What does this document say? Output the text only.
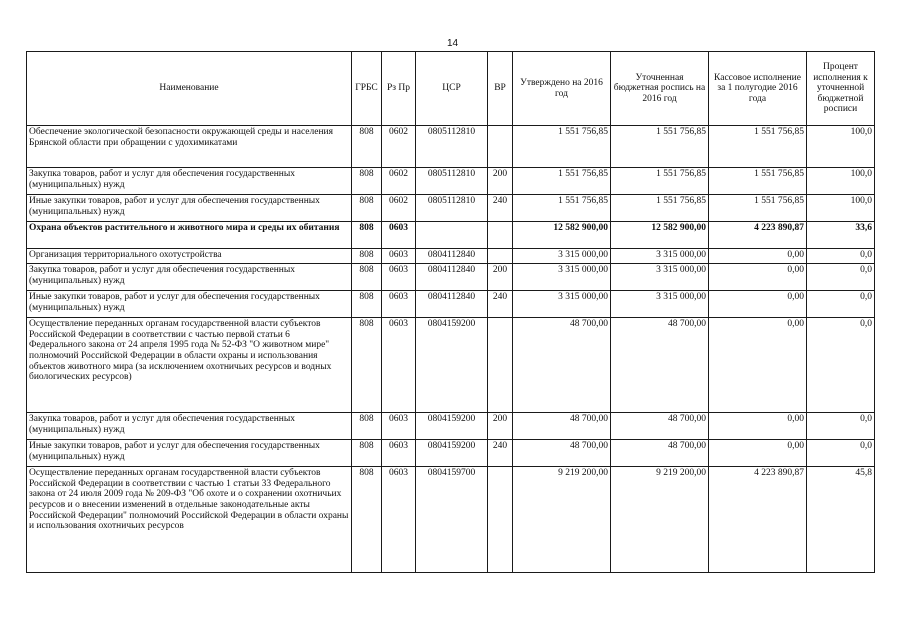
14
Наименование	ГРБС	Рз Пр	ЦСР	ВР	Утверждено на 2016 год	Уточненная бюджетная роспись на 2016 год	Кассовое исполнение за 1 полугодие 2016 года	Процент исполнения к уточненной бюджетной росписи
Обеспечение экологической безопасности окружающей среды и населения Брянской области при обращении с удохимикатами	808	0602	0805112810		1 551 756,85	1 551 756,85	1 551 756,85	100,0
Закупка товаров, работ и услуг для обеспечения государственных (муниципальных) нужд	808	0602	0805112810	200	1 551 756,85	1 551 756,85	1 551 756,85	100,0
Иные закупки товаров, работ и услуг для обеспечения государственных (муниципальных) нужд	808	0602	0805112810	240	1 551 756,85	1 551 756,85	1 551 756,85	100,0
Охрана объектов растительного и животного мира и среды их обитания	808	0603			12 582 900,00	12 582 900,00	4 223 890,87	33,6
Организация территориального охотустройства	808	0603	0804112840		3 315 000,00	3 315 000,00	0,00	0,0
Закупка товаров, работ и услуг для обеспечения государственных (муниципальных) нужд	808	0603	0804112840	200	3 315 000,00	3 315 000,00	0,00	0,0
Иные закупки товаров, работ и услуг для обеспечения государственных (муниципальных) нужд	808	0603	0804112840	240	3 315 000,00	3 315 000,00	0,00	0,0
Осуществление переданных органам государственной власти субъектов Российской Федерации в соответствии с частью первой статьи 6 Федерального закона от 24 апреля 1995 года № 52-ФЗ "О животном мире" полномочий Российской Федерации в области охраны и использования объектов животного мира (за исключением охотничьих ресурсов и водных биологических ресурсов)	808	0603	0804159200		48 700,00	48 700,00	0,00	0,0
Закупка товаров, работ и услуг для обеспечения государственных (муниципальных) нужд	808	0603	0804159200	200	48 700,00	48 700,00	0,00	0,0
Иные закупки товаров, работ и услуг для обеспечения государственных (муниципальных) нужд	808	0603	0804159200	240	48 700,00	48 700,00	0,00	0,0
Осуществление переданных органам государственной власти субъектов Российской Федерации в соответствии с частью 1 статьи 33 Федерального закона от 24 июля 2009 года № 209-ФЗ "Об охоте и о сохранении охотничьих ресурсов и о внесении изменений в отдельные законодательные акты Российской Федерации" полномочий Российской Федерации в области охраны и использования охотничьих ресурсов	808	0603	0804159700		9 219 200,00	9 219 200,00	4 223 890,87	45,8
